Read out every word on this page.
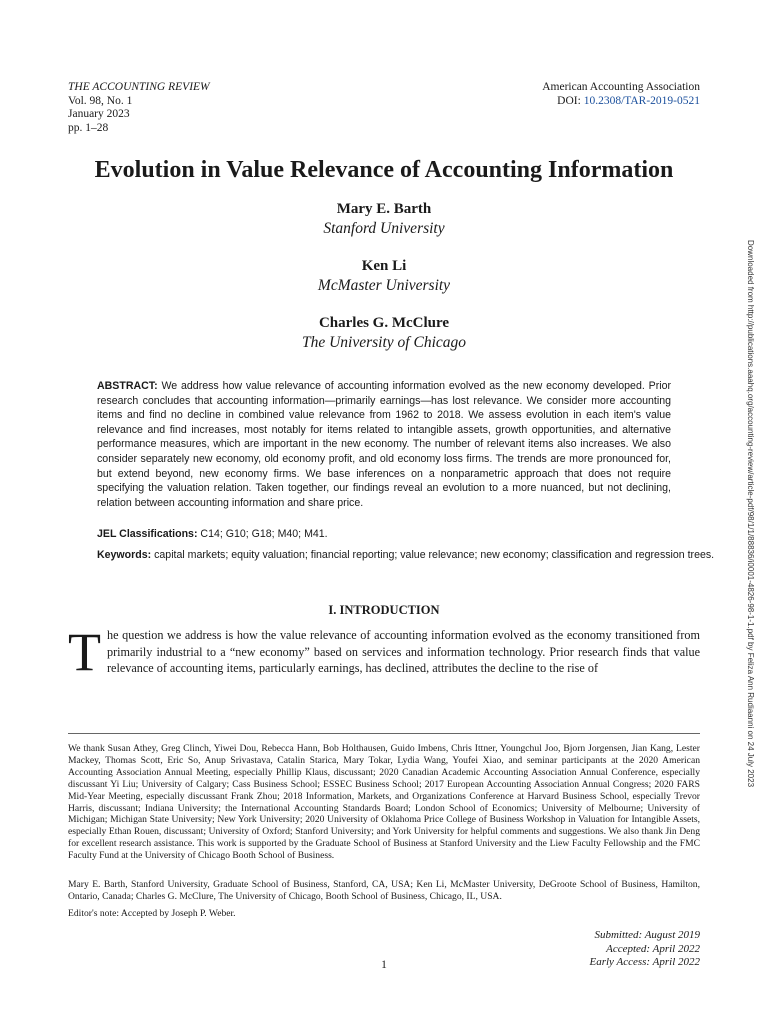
THE ACCOUNTING REVIEW
Vol. 98, No. 1
January 2023
pp. 1–28
American Accounting Association
DOI: 10.2308/TAR-2019-0521
Evolution in Value Relevance of Accounting Information
Mary E. Barth
Stanford University
Ken Li
McMaster University
Charles G. McClure
The University of Chicago	Downloaded from http://publications.aaahq.org/accounting-review/article-pdf/98/1/1/88836/i0001-4826-98-1-1.pdf by Feliza Ann Rudiaanni on 24 July 2023

ABSTRACT: We address how value relevance of accounting information evolved as the new economy developed. Prior research concludes that accounting information—primarily earnings—has lost relevance. We consider more accounting items and find no decline in combined value relevance from 1962 to 2018. We assess evolution in each item's value relevance and find increases, most notably for items related to intangible assets, growth opportunities, and alternative performance measures, which are important in the new economy. The number of relevant items also increases. We also consider separately new economy, old economy profit, and old economy loss firms. The trends are more pronounced for, but extend beyond, new economy firms. We base inferences on a nonparametric approach that does not require specifying the valuation relation. Taken together, our findings reveal an evolution to a more nuanced, but not declining, relation between accounting information and share price.

JEL Classifications: C14; G10; G18; M40; M41.

Keywords: capital markets; equity valuation; financial reporting; value relevance; new economy; classification and regression trees.

I. INTRODUCTION

The question we address is how the value relevance of accounting information evolved as the economy transitioned from primarily industrial to a “new economy” based on services and information technology. Prior research finds that value relevance of accounting items, particularly earnings, has declined, attributes the decline to the rise of

We thank Susan Athey, Greg Clinch, Yiwei Dou, Rebecca Hann, Bob Holthausen, Guido Imbens, Chris Ittner, Youngchul Joo, Bjorn Jorgensen, Jian Kang, Lester Mackey, Thomas Scott, Eric So, Anup Srivastava, Catalin Starica, Mary Tokar, Lydia Wang, Youfei Xiao, and seminar participants at the 2020 American Accounting Association Annual Meeting, especially Phillip Klaus, discussant; 2020 Canadian Academic Accounting Association Annual Conference, especially discussant Yi Liu; University of Calgary; Cass Business School; ESSEC Business School; 2017 European Accounting Association Annual Congress; 2020 FARS Mid-Year Meeting, especially discussant Frank Zhou; 2018 Information, Markets, and Organizations Conference at Harvard Business School, especially Trevor Harris, discussant; Indiana University; the International Accounting Standards Board; London School of Economics; University of Melbourne; University of Michigan; Michigan State University; New York University; 2020 University of Oklahoma Price College of Business Workshop in Valuation for Intangible Assets, especially Ethan Rouen, discussant; University of Oxford; Stanford University; and York University for helpful comments and suggestions. We also thank Jin Deng for excellent research assistance. This work is supported by the Graduate School of Business at Stanford University and the Liew Faculty Fellowship and the FMC Faculty Fund at the University of Chicago Booth School of Business.

Mary E. Barth, Stanford University, Graduate School of Business, Stanford, CA, USA; Ken Li, McMaster University, DeGroote School of Business, Hamilton, Ontario, Canada; Charles G. McClure, The University of Chicago, Booth School of Business, Chicago, IL, USA.

Editor's note: Accepted by Joseph P. Weber.

Submitted: August 2019
Accepted: April 2022
Early Access: April 2022
1
